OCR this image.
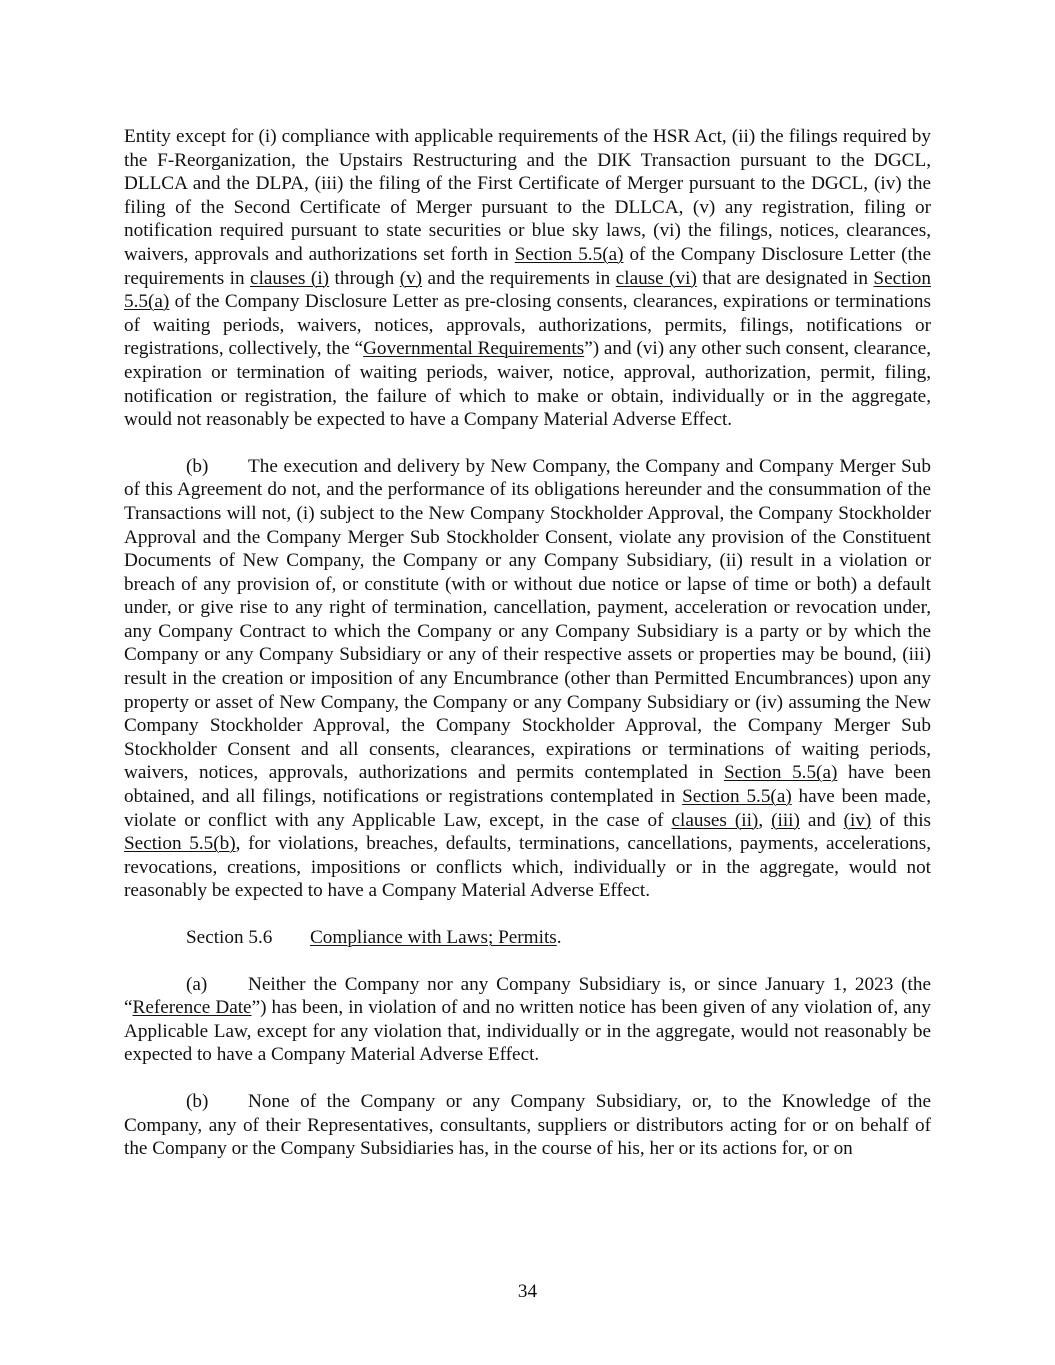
Entity except for (i) compliance with applicable requirements of the HSR Act, (ii) the filings required by the F-Reorganization, the Upstairs Restructuring and the DIK Transaction pursuant to the DGCL, DLLCA and the DLPA, (iii) the filing of the First Certificate of Merger pursuant to the DGCL, (iv) the filing of the Second Certificate of Merger pursuant to the DLLCA, (v) any registration, filing or notification required pursuant to state securities or blue sky laws, (vi) the filings, notices, clearances, waivers, approvals and authorizations set forth in Section 5.5(a) of the Company Disclosure Letter (the requirements in clauses (i) through (v) and the requirements in clause (vi) that are designated in Section 5.5(a) of the Company Disclosure Letter as pre-closing consents, clearances, expirations or terminations of waiting periods, waivers, notices, approvals, authorizations, permits, filings, notifications or registrations, collectively, the “Governmental Requirements”) and (vi) any other such consent, clearance, expiration or termination of waiting periods, waiver, notice, approval, authorization, permit, filing, notification or registration, the failure of which to make or obtain, individually or in the aggregate, would not reasonably be expected to have a Company Material Adverse Effect.

(b) The execution and delivery by New Company, the Company and Company Merger Sub of this Agreement do not, and the performance of its obligations hereunder and the consummation of the Transactions will not, (i) subject to the New Company Stockholder Approval, the Company Stockholder Approval and the Company Merger Sub Stockholder Consent, violate any provision of the Constituent Documents of New Company, the Company or any Company Subsidiary, (ii) result in a violation or breach of any provision of, or constitute (with or without due notice or lapse of time or both) a default under, or give rise to any right of termination, cancellation, payment, acceleration or revocation under, any Company Contract to which the Company or any Company Subsidiary is a party or by which the Company or any Company Subsidiary or any of their respective assets or properties may be bound, (iii) result in the creation or imposition of any Encumbrance (other than Permitted Encumbrances) upon any property or asset of New Company, the Company or any Company Subsidiary or (iv) assuming the New Company Stockholder Approval, the Company Stockholder Approval, the Company Merger Sub Stockholder Consent and all consents, clearances, expirations or terminations of waiting periods, waivers, notices, approvals, authorizations and permits contemplated in Section 5.5(a) have been obtained, and all filings, notifications or registrations contemplated in Section 5.5(a) have been made, violate or conflict with any Applicable Law, except, in the case of clauses (ii), (iii) and (iv) of this Section 5.5(b), for violations, breaches, defaults, terminations, cancellations, payments, accelerations, revocations, creations, impositions or conflicts which, individually or in the aggregate, would not reasonably be expected to have a Company Material Adverse Effect.

Section 5.6 Compliance with Laws; Permits.

(a) Neither the Company nor any Company Subsidiary is, or since January 1, 2023 (the “Reference Date”) has been, in violation of and no written notice has been given of any violation of, any Applicable Law, except for any violation that, individually or in the aggregate, would not reasonably be expected to have a Company Material Adverse Effect.

(b) None of the Company or any Company Subsidiary, or, to the Knowledge of the Company, any of their Representatives, consultants, suppliers or distributors acting for or on behalf of the Company or the Company Subsidiaries has, in the course of his, her or its actions for, or on

34
